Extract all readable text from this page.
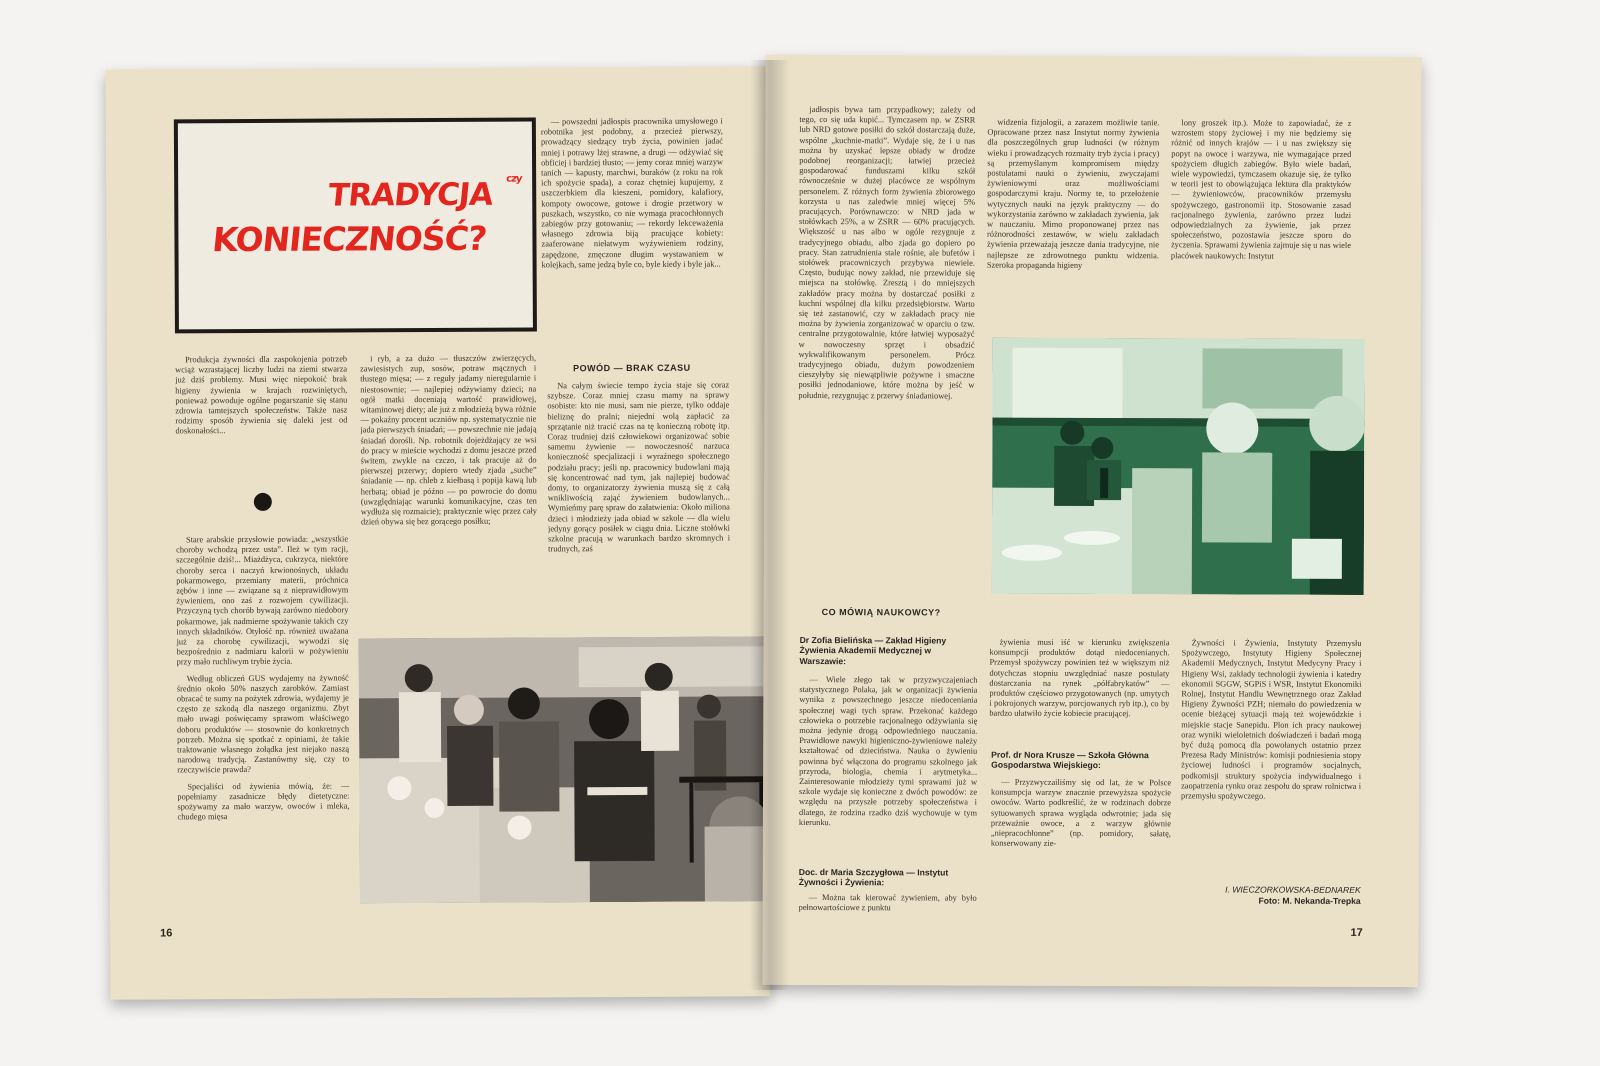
TRADYCJA czy
KONIECZNOŚĆ?

— powszedni jadłospis pracownika umysłowego i robotnika jest podobny, a przecież pierwszy, prowadzący siedzący tryb życia, powinien jadać mniej i potrawy lżej strawne, a drugi — odżywiać się obficiej i bardziej tłusto; — jemy coraz mniej warzyw tanich — kapusty, marchwi, buraków (z roku na rok ich spożycie spada), a coraz chętniej kupujemy, z uszczerbkiem dla kieszeni, pomidory, kalafiory, kompoty owocowe, gotowe i drogie przetwory w puszkach, wszystko, co nie wymaga pracochłonnych zabiegów przy gotowaniu; — rekordy lekceważenia własnego zdrowia biją pracujące kobiety: zaaferowane niełatwym wyżywieniem rodziny, zapędzone, zmęczone długim wystawaniem w kolejkach, same jedzą byle co, byle kiedy i byle jak...

Produkcja żywności dla zaspokojenia potrzeb wciąż wzrastającej liczby ludzi na ziemi stwarza już dziś problemy. Musi więc niepokoić brak higieny żywienia w krajach rozwiniętych, ponieważ powoduje ogólne pogarszanie się stanu zdrowia tamtejszych społeczeństw. Także nasz rodzimy sposób żywienia się daleki jest od doskonałości...

Stare arabskie przysłowie powiada: „wszystkie choroby wchodzą przez usta”. Ileż w tym racji, szczególnie dziś!... Miażdżyca, cukrzyca, niektóre choroby serca i naczyń krwionośnych, układu pokarmowego, przemiany materii, próchnica zębów i inne — związane są z nieprawidłowym żywieniem, ono zaś z rozwojem cywilizacji. Przyczyną tych chorób bywają zarówno niedobory pokarmowe, jak nadmierne spożywanie takich czy innych składników. Otyłość np. również uważana już za chorobę cywilizacji, wywodzi się bezpośrednio z nadmiaru kalorii w pożywieniu przy mało ruchliwym trybie życia.

Według obliczeń GUS wydajemy na żywność średnio około 50% naszych zarobków. Zamiast obracać te sumy na pożytek zdrowia, wydajemy je często ze szkodą dla naszego organizmu. Zbyt mało uwagi poświęcamy sprawom właściwego doboru produktów — stosownie do konkretnych potrzeb. Można się spotkać z opiniami, że takie traktowanie własnego żołądka jest niejako naszą narodową tradycją. Zastanówmy się, czy to rzeczywiście prawda?

Specjaliści od żywienia mówią, że: — popełniamy zasadnicze błędy dietetyczne: spożywamy za mało warzyw, owoców i mleka, chudego mięsa

i ryb, a za dużo — tłuszczów zwierzęcych, zawiesistych zup, sosów, potraw mącznych i tłustego mięsa; — z reguły jadamy nieregularnie i niestosownie; — najlepiej odżywiamy dzieci; na ogół matki doceniają wartość prawidłowej, witaminowej diety; ale już z młodzieżą bywa różnie — pokaźny procent uczniów np. systematycznie nie jada pierwszych śniadań; — powszechnie nie jadają śniadań dorośli. Np. robotnik dojeżdżający ze wsi do pracy w mieście wychodzi z domu jeszcze przed świtem, zwykle na czczo, i tak pracuje aż do pierwszej przerwy; dopiero wtedy zjada „suche” śniadanie — np. chleb z kiełbasą i popija kawą lub herbatą; obiad je późno — po powrocie do domu (uwzględniając warunki komunikacyjne, czas ten wydłuża się rozmaicie); praktycznie więc przez cały dzień obywa się bez gorącego posiłku;

POWÓD — BRAK CZASU

Na całym świecie tempo życia staje się coraz szybsze. Coraz mniej czasu mamy na sprawy osobiste: kto nie musi, sam nie pierze, tylko oddaje bieliznę do pralni; niejedni wolą zapłacić za sprzątanie niż tracić czas na tę konieczną robotę itp. Coraz trudniej dziś człowiekowi organizować sobie samemu żywienie — nowoczesność narzuca konieczność specjalizacji i wyraźnego społecznego podziału pracy; jeśli np. pracownicy budowlani mają się koncentrować nad tym, jak najlepiej budować domy, to organizatorzy żywienia muszą się z całą wnikliwością zająć żywieniem budowlanych... Wymieńmy parę spraw do załatwienia: Około miliona dzieci i młodzieży jada obiad w szkole — dla wielu jedyny gorący posiłek w ciągu dnia. Liczne stołówki szkolne pracują w warunkach bardzo skromnych i trudnych, zaś

16

jadłospis bywa tam przypadkowy; zależy od tego, co się uda kupić... Tymczasem np. w ZSRR lub NRD gotowe posiłki do szkół dostarczają duże, wspólne „kuchnie-matki”. Wydaje się, że i u nas można by uzyskać lepsze obiady w drodze podobnej reorganizacji; łatwiej przecież gospodarować funduszami kilku szkół równocześnie w dużej placówce ze wspólnym personelem. Z różnych form żywienia zbiorowego korzysta u nas zaledwie mniej więcej 5% pracujących. Porównawczo: w NRD jada w stołówkach 25%, a w ZSRR — 60% pracujących. Większość u nas albo w ogóle rezygnuje z tradycyjnego obiadu, albo zjada go dopiero po pracy. Stan zatrudnienia stale rośnie, ale bufetów i stołówek pracowniczych przybywa niewiele. Często, budując nowy zakład, nie przewiduje się miejsca na stołówkę. Zresztą i do mniejszych zakładów pracy można by dostarczać posiłki z kuchni wspólnej dla kilku przedsiębiorstw. Warto się też zastanowić, czy w zakładach pracy nie można by żywienia zorganizować w oparciu o tzw. centralne przygotowalnie, które łatwiej wyposażyć w nowoczesny sprzęt i obsadzić wykwalifikowanym personelem. Prócz tradycyjnego obiadu, dużym powodzeniem cieszyłyby się niewątpliwie pożywne i smaczne posiłki jednodaniowe, które można by jeść w południe, rezygnując z przerwy śniadaniowej.

widzenia fizjologii, a zarazem możliwie tanie. Opracowane przez nasz Instytut normy żywienia dla poszczególnych grup ludności (w różnym wieku i prowadzących rozmaity tryb życia i pracy) są przemyślanym kompromisem między postulatami nauki o żywieniu, zwyczajami żywieniowymi oraz możliwościami gospodarczymi kraju. Normy te, to przełożenie wytycznych nauki na język praktyczny — do wykorzystania zarówno w zakładach żywienia, jak w nauczaniu. Mimo proponowanej przez nas różnorodności zestawów, w wielu zakładach żywienia przeważają jeszcze dania tradycyjne, nie najlepsze ze zdrowotnego punktu widzenia. Szeroka propaganda higieny

lony groszek itp.). Może to zapowiadać, że z wzrostem stopy życiowej i my nie będziemy się różnić od innych krajów — i u nas zwiększy się popyt na owoce i warzywa, nie wymagające przed spożyciem długich zabiegów. Było wiele badań, wiele wypowiedzi, tymczasem okazuje się, że tylko w teorii jest to obowiązująca lektura dla praktyków — żywieniowców, pracowników przemysłu spożywczego, gastronomii itp. Stosowanie zasad racjonalnego żywienia, zarówno przez ludzi odpowiedzialnych za żywienie, jak przez społeczeństwo, pozostawia jeszcze sporo do życzenia. Sprawami żywienia zajmuje się u nas wiele placówek naukowych: Instytut

CO MÓWIĄ NAUKOWCY?
Dr Zofia Bielińska — Zakład Higieny Żywienia Akademii Medycznej w Warszawie:

— Wiele złego tak w przyzwyczajeniach statystycznego Polaka, jak w organizacji żywienia wynika z powszechnego jeszcze niedoceniania społecznej wagi tych spraw. Przekonać każdego człowieka o potrzebie racjonalnego odżywiania się można jedynie drogą odpowiedniego nauczania. Prawidłowe nawyki higieniczno-żywieniowe należy kształtować od dzieciństwa. Nauka o żywieniu powinna być włączona do programu szkolnego jak przyroda, biologia, chemia i arytmetyka... Zainteresowanie młodzieży tymi sprawami już w szkole wydaje się konieczne z dwóch powodów: ze względu na przyszłe potrzeby społeczeństwa i dlatego, że rodzina rzadko dziś wychowuje w tym kierunku.

Doc. dr Maria Szczygłowa — Instytut Żywności i Żywienia:

— Można tak kierować żywieniem, aby było pełnowartościowe z punktu

żywienia musi iść w kierunku zwiększenia konsumpcji produktów dotąd niedocenianych. Przemysł spożywczy powinien też w większym niż dotychczas stopniu uwzględniać nasze postulaty dostarczania na rynek „półfabrykatów” — produktów częściowo przygotowanych (np. umytych i pokrojonych warzyw, porcjowanych ryb itp.), co by bardzo ułatwiło życie kobiecie pracującej.

Prof. dr Nora Krusze — Szkoła Główna Gospodarstwa Wiejskiego:

— Przyzwyczailiśmy się od lat, że w Polsce konsumpcja warzyw znacznie przewyższa spożycie owoców. Warto podkreślić, że w rodzinach dobrze sytuowanych sprawa wygląda odwrotnie; jada się przeważnie owoce, a z warzyw głównie „niepracochłonne” (np. pomidory, sałatę, konserwowany zie-

Żywności i Żywienia, Instytuty Przemysłu Spożywczego, Instytuty Higieny Społecznej Akademii Medycznych, Instytut Medycyny Pracy i Higieny Wsi, zakłady technologii żywienia i katedry ekonomii SGGW, SGPiS i WSR, Instytut Ekonomiki Rolnej, Instytut Handlu Wewnętrznego oraz Zakład Higieny Żywności PZH; niemało do powiedzenia w ocenie bieżącej sytuacji mają też wojewódzkie i miejskie stacje Sanepidu. Plon ich pracy naukowej oraz wyniki wieloletnich doświadczeń i badań mogą być dużą pomocą dla powołanych ostatnio przez Prezesa Rady Ministrów: komisji podniesienia stopy życiowej ludności i programów socjalnych, podkomisji struktury spożycia indywidualnego i zaopatrzenia rynku oraz zespołu do spraw rolnictwa i przemysłu spożywczego.

I. WIECZORKOWSKA-BEDNAREK
Foto: M. Nekanda-Trepka
17
